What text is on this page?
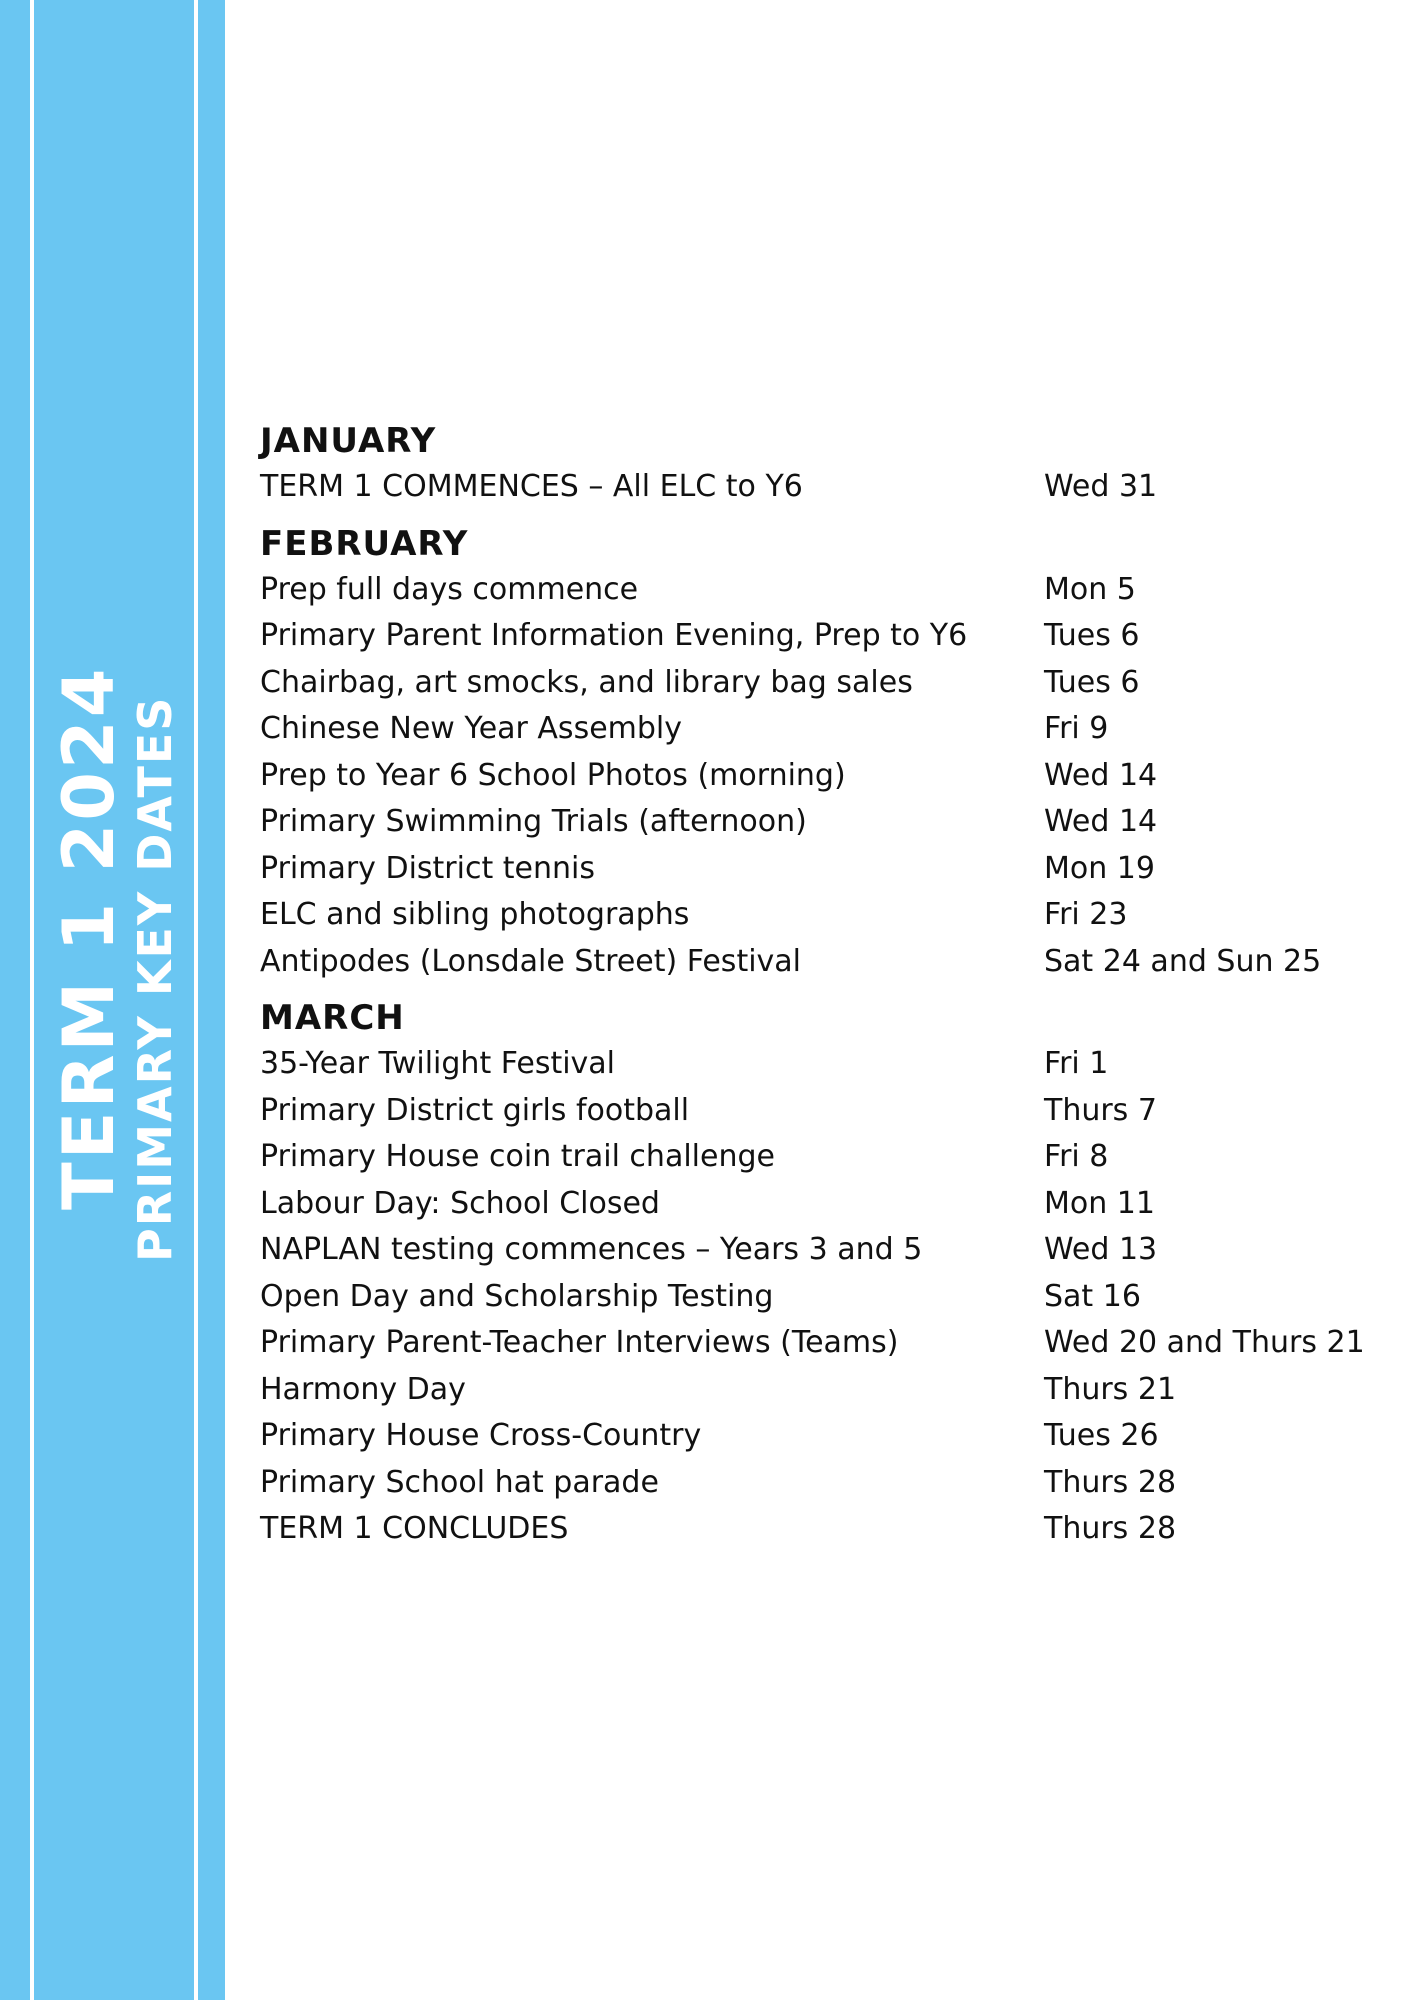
TERM 1 2024
PRIMARY KEY DATES
JANUARY
TERM 1 COMMENCES – All ELC to Y6	Wed 31
FEBRUARY
Prep full days commence	Mon 5
Primary Parent Information Evening, Prep to Y6	Tues 6
Chairbag, art smocks, and library bag sales	Tues 6
Chinese New Year Assembly	Fri 9
Prep to Year 6 School Photos (morning)	Wed 14
Primary Swimming Trials (afternoon)	Wed 14
Primary District tennis	Mon 19
ELC and sibling photographs	Fri 23
Antipodes (Lonsdale Street) Festival	Sat 24 and Sun 25
MARCH
35-Year Twilight Festival	Fri 1
Primary District girls football	Thurs 7
Primary House coin trail challenge	Fri 8
Labour Day: School Closed	Mon 11
NAPLAN testing commences – Years 3 and 5	Wed 13
Open Day and Scholarship Testing	Sat 16
Primary Parent-Teacher Interviews (Teams)	Wed 20 and Thurs 21
Harmony Day	Thurs 21
Primary House Cross-Country	Tues 26
Primary School hat parade	Thurs 28
TERM 1 CONCLUDES	Thurs 28
